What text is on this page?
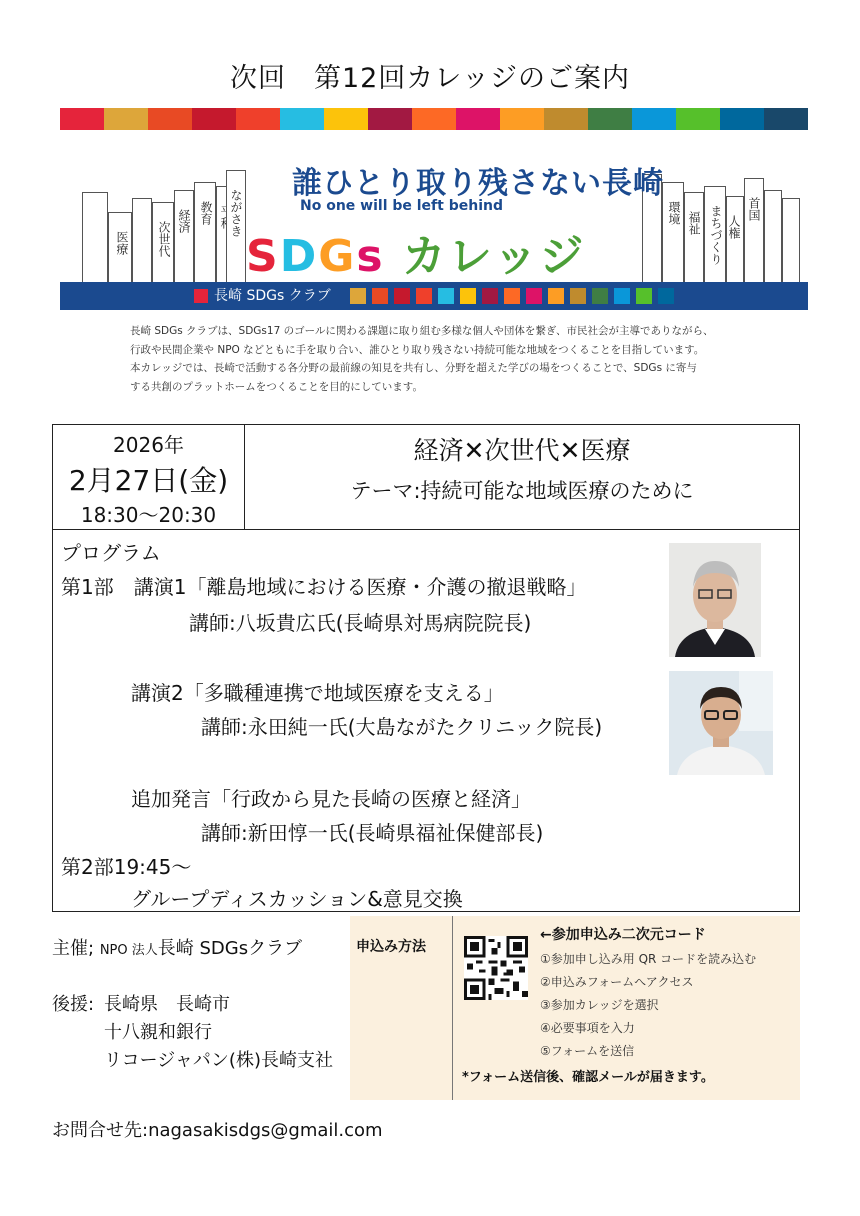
次回　第12回カレッジのご案内
医療	次世代 経済 教育 ながさき	環境 福祉 まちづくり 人権
首国
誰ひとり取り残さない長崎
No one will be left behind
SDGs カレッジ
長崎 SDGs クラブ
長崎 SDGs クラブは、SDGs17 のゴールに関わる課題に取り組む多様な個人や団体を繋ぎ、市民社会が主導でありながら、
行政や民間企業や NPO などともに手を取り合い、誰ひとり取り残さない持続可能な地域をつくることを目指しています。
本カレッジでは、長崎で活動する各分野の最前線の知見を共有し、分野を超えた学びの場をつくることで、SDGs に寄与
する共創のプラットホームをつくることを目的にしています。
2026年
2月27日(金)
18:30〜20:30
経済✕次世代✕医療
テーマ:持続可能な地域医療のために
プログラム
第1部　講演1「離島地域における医療・介護の撤退戦略」
講師:八坂貴広氏(長崎県対馬病院院長)
講演2「多職種連携で地域医療を支える」
講師:永田純一氏(大島ながたクリニック院長)
追加発言「行政から見た長崎の医療と経済」
講師:新田惇一氏(長崎県福祉保健部長)
第2部19:45〜
グループディスカッション&意見交換
主催; NPO 法人長崎 SDGsクラブ
後援: 長崎県　長崎市
十八親和銀行
リコージャパン(株)長崎支社
申込み方法
←参加申込み二次元コード
①参加申し込み用 QR コードを読み込む
②申込みフォームへアクセス
③参加カレッジを選択
④必要事項を入力
⑤フォームを送信
*フォーム送信後、確認メールが届きます。
お問合せ先:nagasakisdgs@gmail.com
